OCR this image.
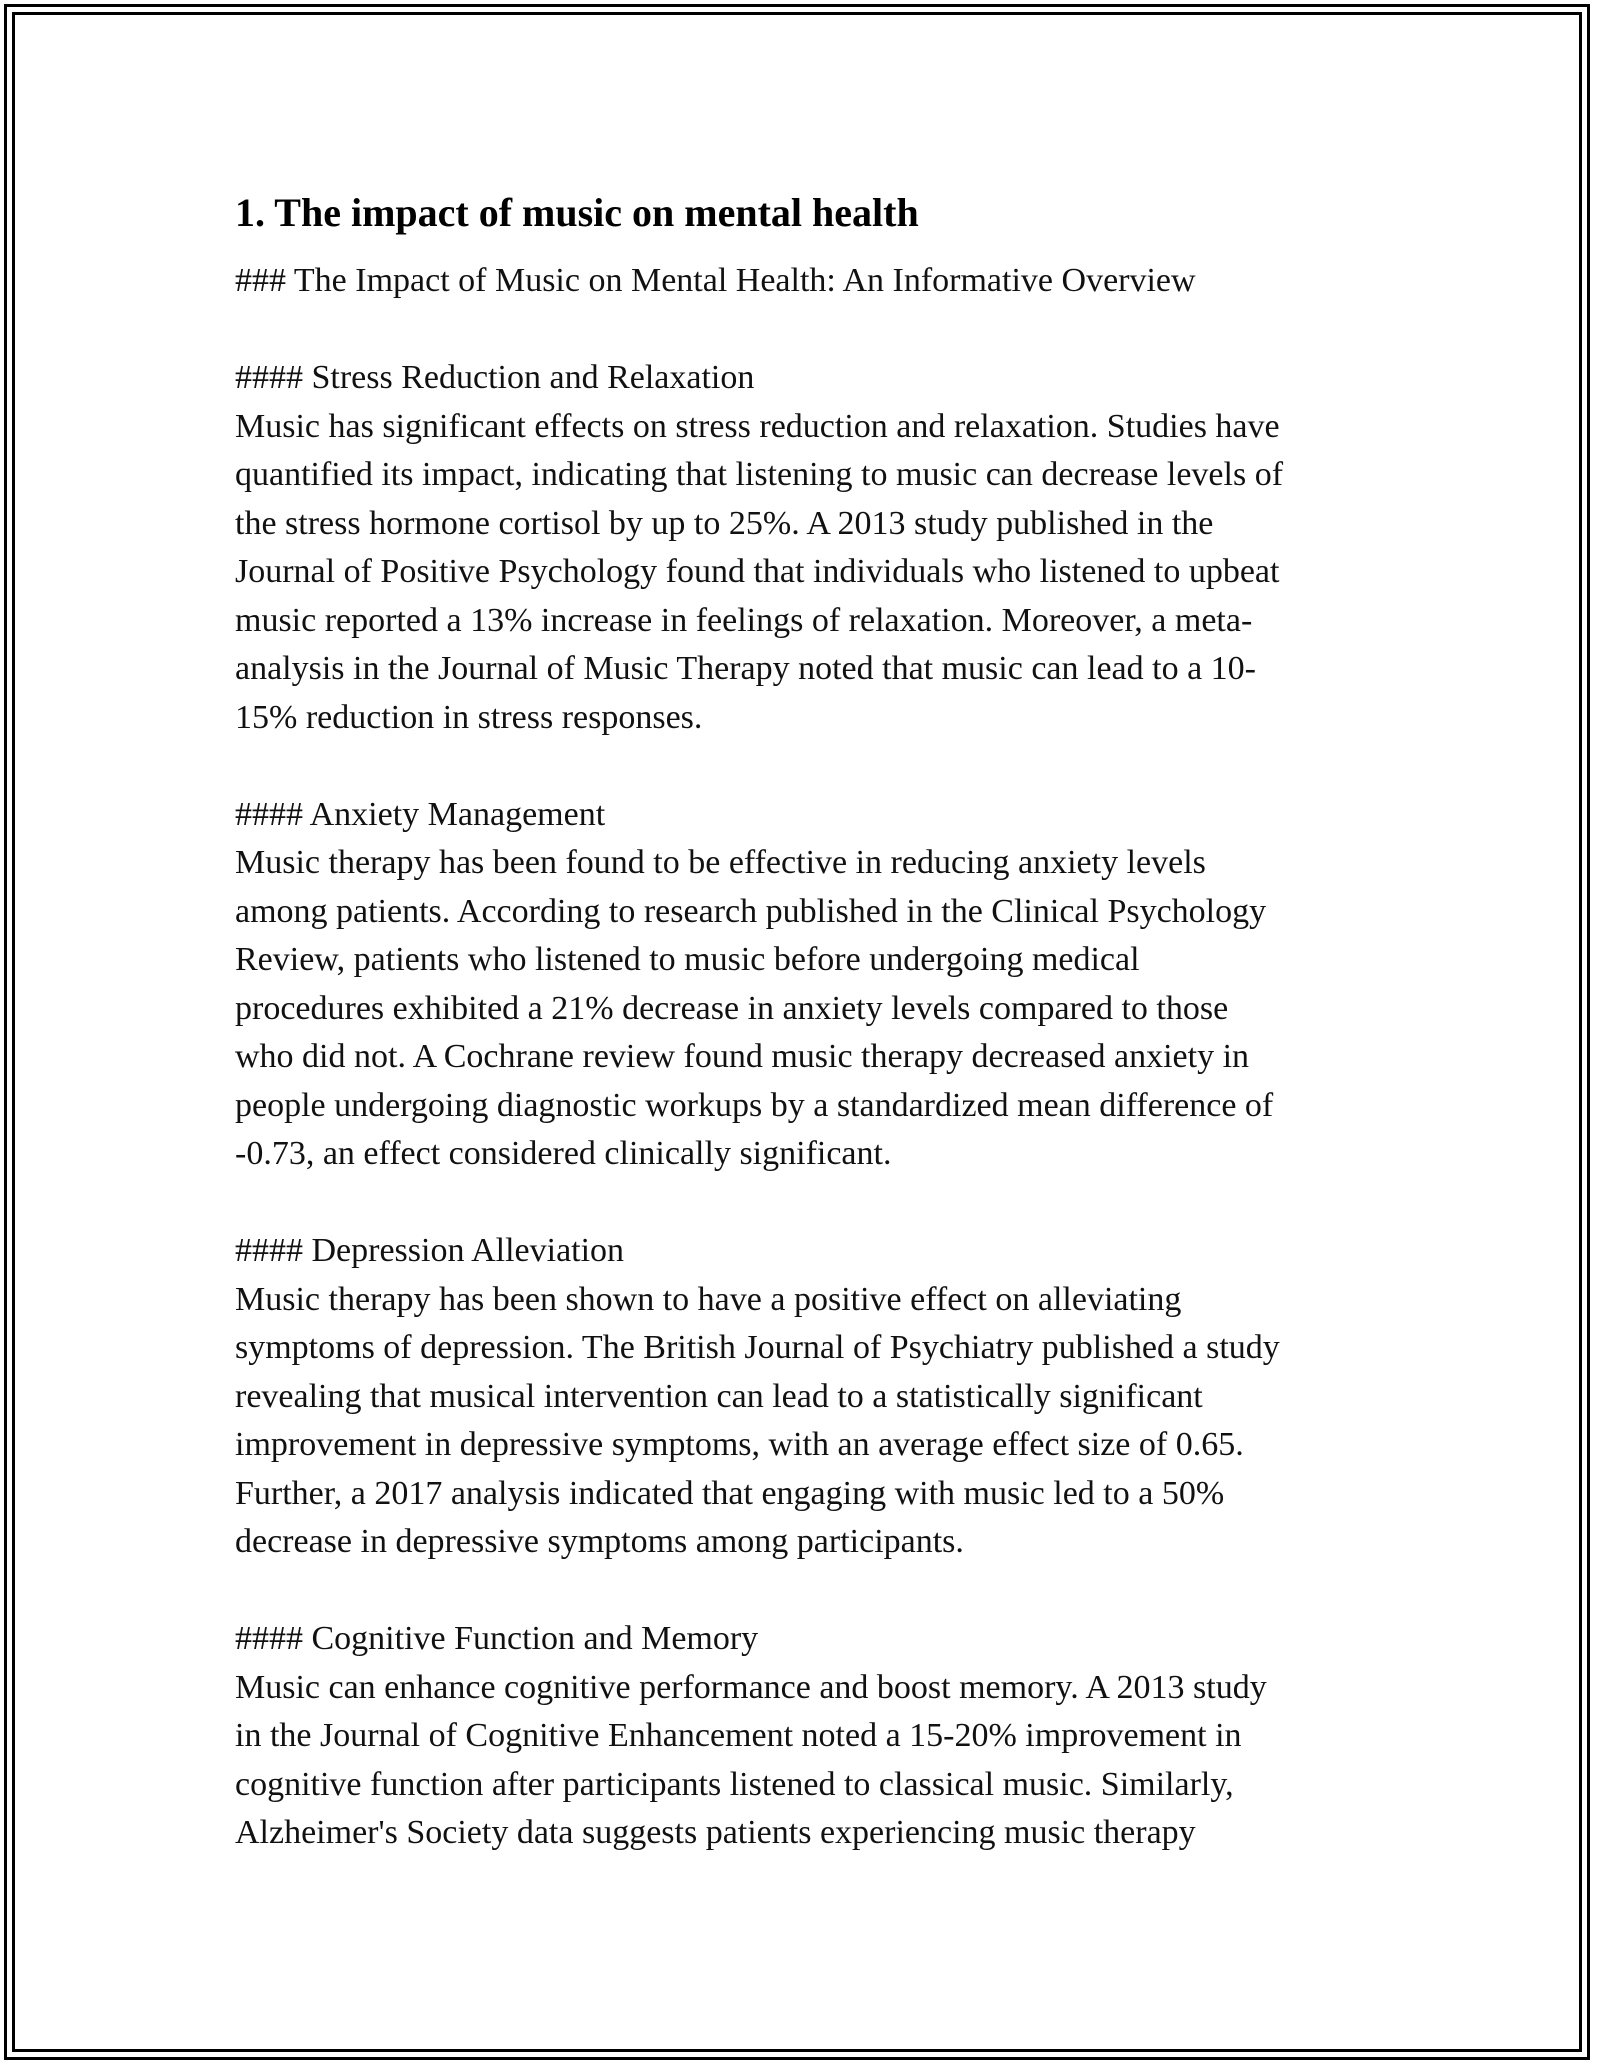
1. The impact of music on mental health

### The Impact of Music on Mental Health: An Informative Overview

#### Stress Reduction and Relaxation

Music has significant effects on stress reduction and relaxation. Studies have
quantified its impact, indicating that listening to music can decrease levels of
the stress hormone cortisol by up to 25%. A 2013 study published in the
Journal of Positive Psychology found that individuals who listened to upbeat
music reported a 13% increase in feelings of relaxation. Moreover, a meta-
analysis in the Journal of Music Therapy noted that music can lead to a 10-
15% reduction in stress responses.

#### Anxiety Management

Music therapy has been found to be effective in reducing anxiety levels
among patients. According to research published in the Clinical Psychology
Review, patients who listened to music before undergoing medical
procedures exhibited a 21% decrease in anxiety levels compared to those
who did not. A Cochrane review found music therapy decreased anxiety in
people undergoing diagnostic workups by a standardized mean difference of
-0.73, an effect considered clinically significant.

#### Depression Alleviation

Music therapy has been shown to have a positive effect on alleviating
symptoms of depression. The British Journal of Psychiatry published a study
revealing that musical intervention can lead to a statistically significant
improvement in depressive symptoms, with an average effect size of 0.65.
Further, a 2017 analysis indicated that engaging with music led to a 50%
decrease in depressive symptoms among participants.

#### Cognitive Function and Memory

Music can enhance cognitive performance and boost memory. A 2013 study
in the Journal of Cognitive Enhancement noted a 15-20% improvement in
cognitive function after participants listened to classical music. Similarly,
Alzheimer's Society data suggests patients experiencing music therapy
